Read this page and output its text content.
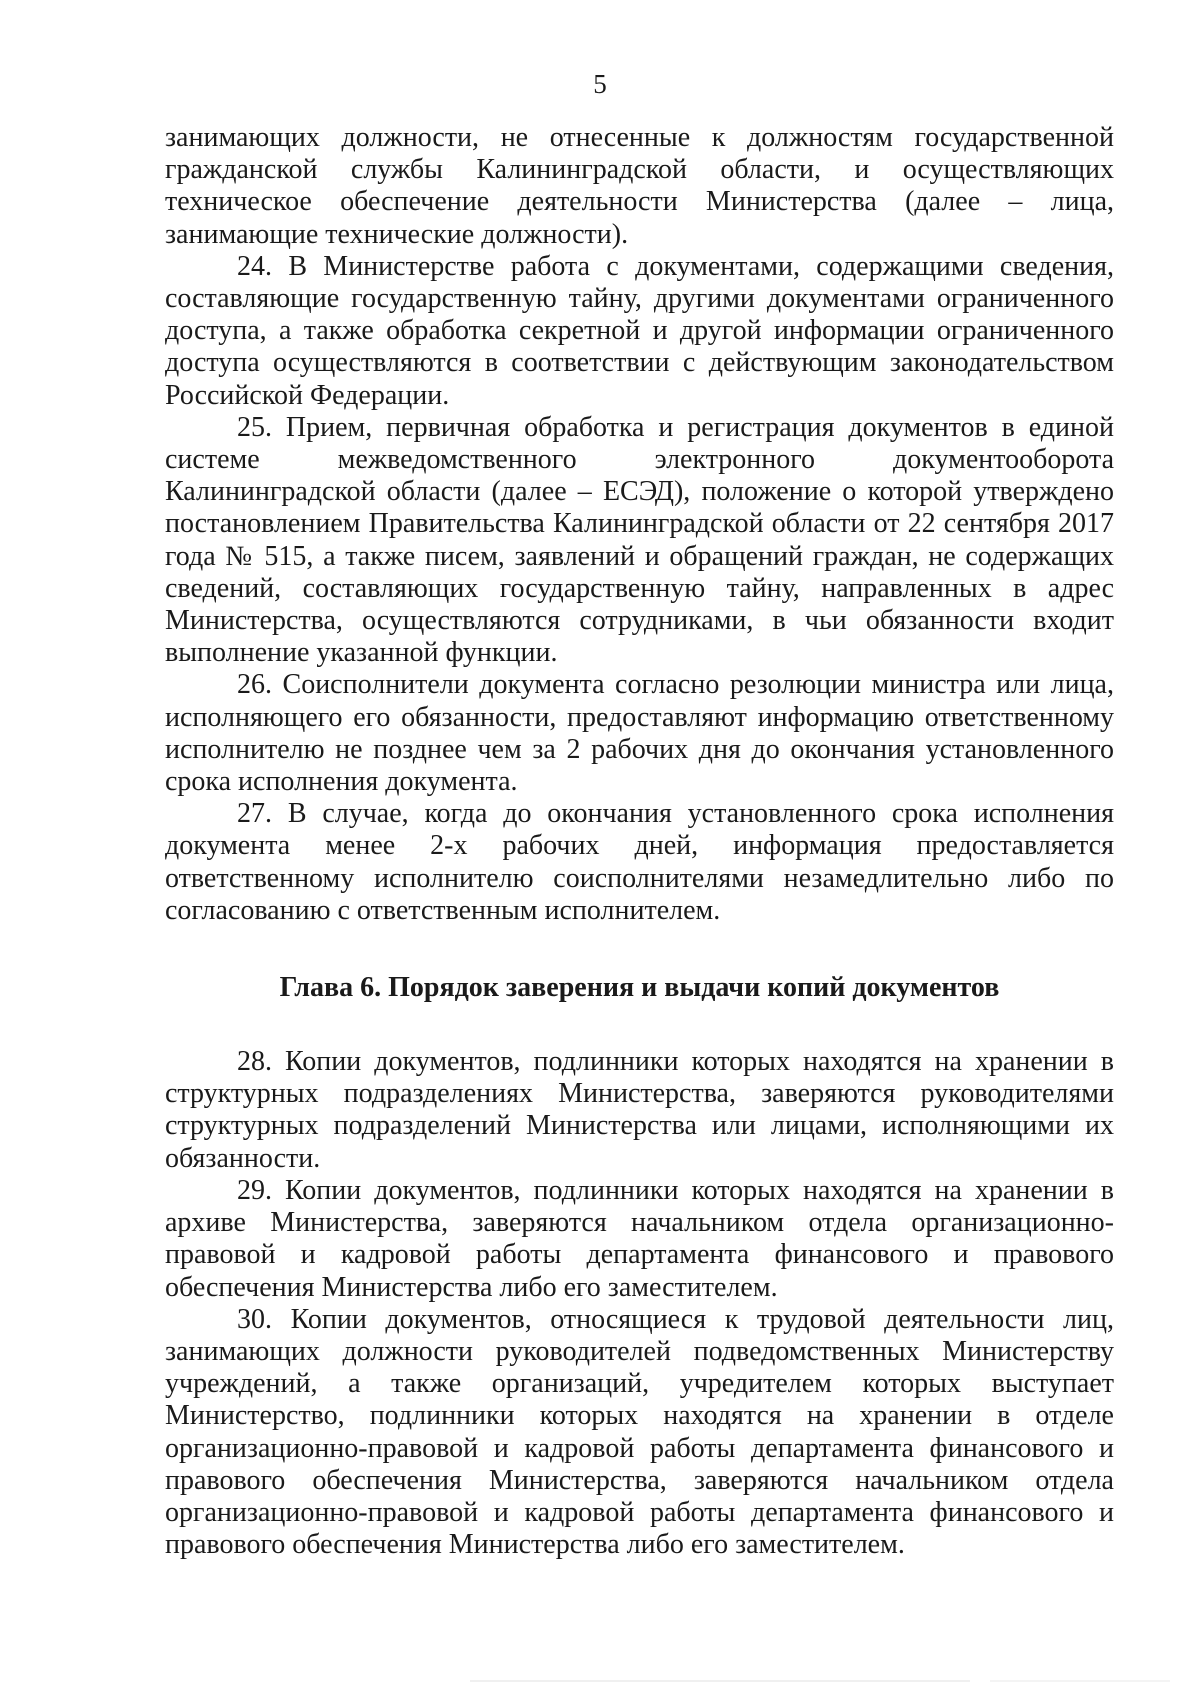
5

занимающих должности, не отнесенные к должностям государственной гражданской службы Калининградской области, и осуществляющих техническое обеспечение деятельности Министерства (далее – лица, занимающие технические должности).

24. В Министерстве работа с документами, содержащими сведения, составляющие государственную тайну, другими документами ограниченного доступа, а также обработка секретной и другой информации ограниченного доступа осуществляются в соответствии с действующим законодательством Российской Федерации.

25. Прием, первичная обработка и регистрация документов в единой системе межведомственного электронного документооборота Калининградской области (далее – ЕСЭД), положение о которой утверждено постановлением Правительства Калининградской области от 22 сентября 2017 года № 515, а также писем, заявлений и обращений граждан, не содержащих сведений, составляющих государственную тайну, направленных в адрес Министерства, осуществляются сотрудниками, в чьи обязанности входит выполнение указанной функции.

26. Соисполнители документа согласно резолюции министра или лица, исполняющего его обязанности, предоставляют информацию ответственному исполнителю не позднее чем за 2 рабочих дня до окончания установленного срока исполнения документа.

27. В случае, когда до окончания установленного срока исполнения документа менее 2-х рабочих дней, информация предоставляется ответственному исполнителю соисполнителями незамедлительно либо по согласованию с ответственным исполнителем.

Глава 6. Порядок заверения и выдачи копий документов

28. Копии документов, подлинники которых находятся на хранении в структурных подразделениях Министерства, заверяются руководителями структурных подразделений Министерства или лицами, исполняющими их обязанности.

29. Копии документов, подлинники которых находятся на хранении в архиве Министерства, заверяются начальником отдела организационно-правовой и кадровой работы департамента финансового и правового обеспечения Министерства либо его заместителем.

30. Копии документов, относящиеся к трудовой деятельности лиц, занимающих должности руководителей подведомственных Министерству учреждений, а также организаций, учредителем которых выступает Министерство, подлинники которых находятся на хранении в отделе организационно-правовой и кадровой работы департамента финансового и правового обеспечения Министерства, заверяются начальником отдела организационно-правовой и кадровой работы департамента финансового и правового обеспечения Министерства либо его заместителем.
